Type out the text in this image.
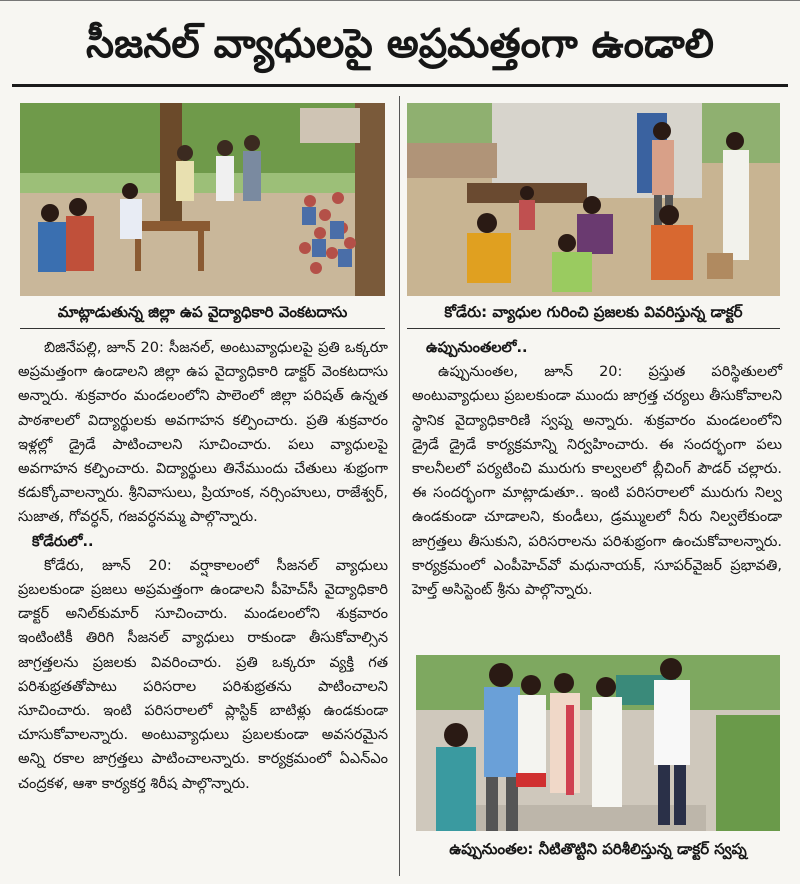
సీజనల్ వ్యాధులపై అప్రమత్తంగా ఉండాలి
మాట్లాడుతున్న జిల్లా ఉప వైద్యాధికారి వెంకటదాసు	కోడేరు: వ్యాధుల గురించి ప్రజలకు వివరిస్తున్న డాక్టర్

బిజినేపల్లి, జూన్ 20: సీజనల్, అంటువ్యాధులపై ప్రతి ఒక్కరూ అప్రమత్తంగా ఉండాలని జిల్లా ఉప వైద్యాధికారి డాక్టర్ వెంకటదాసు అన్నారు. శుక్రవారం మండలంలోని పాలెంలో జిల్లా పరిషత్ ఉన్నత పాఠశాలలో విద్యార్థులకు అవగాహన కల్పించారు. ప్రతి శుక్రవారం ఇళ్లల్లో డ్రైడే పాటించాలని సూచించారు. పలు వ్యాధులపై అవగాహన కల్పించారు. విద్యార్థులు తినేముందు చేతులు శుభ్రంగా కడుక్కోవాలన్నారు. శ్రీనివాసులు, ప్రియాంక, నర్సింహులు, రాజేశ్వర్, సుజాత, గోవర్ధన్, గజవర్ధనమ్మ పాల్గొన్నారు.

కోడేరులో..

కోడేరు, జూన్ 20: వర్షాకాలంలో సీజనల్ వ్యాధులు ప్రబలకుండా ప్రజలు అప్రమత్తంగా ఉండాలని పీహెచ్‌సీ వైద్యాధికారి డాక్టర్ అనిల్‌కుమార్ సూచించారు. మండలంలోని శుక్రవారం ఇంటింటికీ తిరిగి సీజనల్ వ్యాధులు రాకుండా తీసుకోవాల్సిన జాగ్రత్తలను ప్రజలకు వివరించారు. ప్రతి ఒక్కరూ వ్యక్తి గత పరిశుభ్రతతోపాటు పరిసరాల పరిశుభ్రతను పాటించాలని సూచించారు. ఇంటి పరిసరాలలో ప్లాస్టిక్ బాటిళ్లు ఉండకుండా చూసుకోవాలన్నారు. అంటువ్యాధులు ప్రబలకుండా అవసరమైన అన్ని రకాల జాగ్రత్తలు పాటించాలన్నారు. కార్యక్రమంలో ఏఎన్ఎం చంద్రకళ, ఆశా కార్యకర్త శిరీష పాల్గొన్నారు.

ఉప్పునుంతలలో..

ఉప్పునుంతల, జూన్ 20: ప్రస్తుత పరిస్థితులలో అంటువ్యాధులు ప్రబలకుండా ముందు జాగ్రత్త చర్యలు తీసుకోవాలని స్థానిక వైద్యాధికారిణి స్వప్న అన్నారు. శుక్రవారం మండలంలోని డ్రైడే డ్రైడే కార్యక్రమాన్ని నిర్వహించారు. ఈ సందర్భంగా పలు కాలనీలలో పర్యటించి మురుగు కాల్వలలో బ్లీచింగ్ పౌడర్ చల్లారు. ఈ సందర్భంగా మాట్లాడుతూ.. ఇంటి పరిసరాలలో మురుగు నిల్వ ఉండకుండా చూడాలని, కుండీలు, డ్రమ్ములలో నీరు నిల్వలేకుండా జాగ్రత్తలు తీసుకుని, పరిసరాలను పరిశుభ్రంగా ఉంచుకోవాలన్నారు. కార్యక్రమంలో ఎంపీహెచ్‌వో మధునాయక్, సూపర్‌వైజర్ ప్రభావతి, హెల్త్ అసిస్టెంట్ శ్రీను పాల్గొన్నారు.

ఉప్పునుంతల: నీటితొట్టిని పరిశీలిస్తున్న డాక్టర్ స్వప్న
